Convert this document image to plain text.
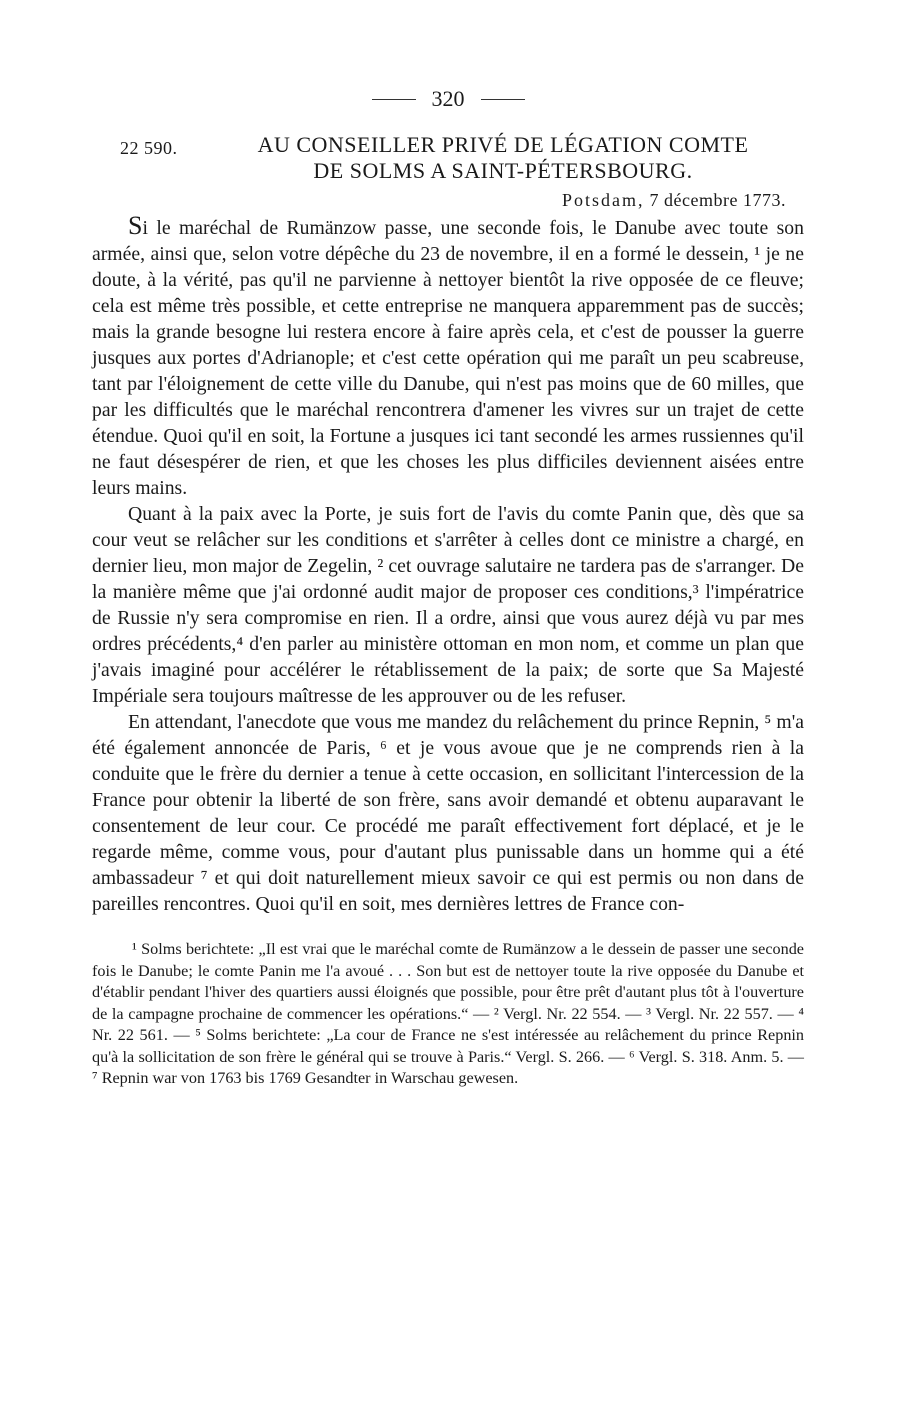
320
22 590.	AU CONSEILLER PRIVÉ DE LÉGATION COMTE
DE SOLMS A SAINT-PÉTERSBOURG.
Potsdam, 7 décembre 1773.

Si le maréchal de Rumänzow passe, une seconde fois, le Danube avec toute son armée, ainsi que, selon votre dépêche du 23 de novembre, il en a formé le dessein, ¹ je ne doute, à la vérité, pas qu'il ne parvienne à nettoyer bientôt la rive opposée de ce fleuve; cela est même très possible, et cette entreprise ne manquera apparemment pas de succès; mais la grande besogne lui restera encore à faire après cela, et c'est de pousser la guerre jusques aux portes d'Adrianople; et c'est cette opération qui me paraît un peu scabreuse, tant par l'éloignement de cette ville du Danube, qui n'est pas moins que de 60 milles, que par les difficultés que le maréchal rencontrera d'amener les vivres sur un trajet de cette étendue. Quoi qu'il en soit, la Fortune a jusques ici tant secondé les armes russiennes qu'il ne faut désespérer de rien, et que les choses les plus difficiles deviennent aisées entre leurs mains.

Quant à la paix avec la Porte, je suis fort de l'avis du comte Panin que, dès que sa cour veut se relâcher sur les conditions et s'arrêter à celles dont ce ministre a chargé, en dernier lieu, mon major de Zegelin, ² cet ouvrage salutaire ne tardera pas de s'arranger. De la manière même que j'ai ordonné audit major de proposer ces conditions,³ l'impératrice de Russie n'y sera compromise en rien. Il a ordre, ainsi que vous aurez déjà vu par mes ordres précédents,⁴ d'en parler au ministère ottoman en mon nom, et comme un plan que j'avais imaginé pour accélérer le rétablissement de la paix; de sorte que Sa Majesté Impériale sera toujours maîtresse de les approuver ou de les refuser.

En attendant, l'anecdote que vous me mandez du relâchement du prince Repnin, ⁵ m'a été également annoncée de Paris, ⁶ et je vous avoue que je ne comprends rien à la conduite que le frère du dernier a tenue à cette occasion, en sollicitant l'intercession de la France pour obtenir la liberté de son frère, sans avoir demandé et obtenu auparavant le consentement de leur cour. Ce procédé me paraît effectivement fort déplacé, et je le regarde même, comme vous, pour d'autant plus punissable dans un homme qui a été ambassadeur ⁷ et qui doit naturellement mieux savoir ce qui est permis ou non dans de pareilles rencontres. Quoi qu'il en soit, mes dernières lettres de France con-

¹ Solms berichtete: „Il est vrai que le maréchal comte de Rumänzow a le dessein de passer une seconde fois le Danube; le comte Panin me l'a avoué . . . Son but est de nettoyer toute la rive opposée du Danube et d'établir pendant l'hiver des quartiers aussi éloignés que possible, pour être prêt d'autant plus tôt à l'ouverture de la campagne prochaine de commencer les opérations.“ — ² Vergl. Nr. 22 554. — ³ Vergl. Nr. 22 557. — ⁴ Nr. 22 561. — ⁵ Solms berichtete: „La cour de France ne s'est intéressée au relâchement du prince Repnin qu'à la sollicitation de son frère le général qui se trouve à Paris.“ Vergl. S. 266. — ⁶ Vergl. S. 318. Anm. 5. — ⁷ Repnin war von 1763 bis 1769 Gesandter in Warschau gewesen.
